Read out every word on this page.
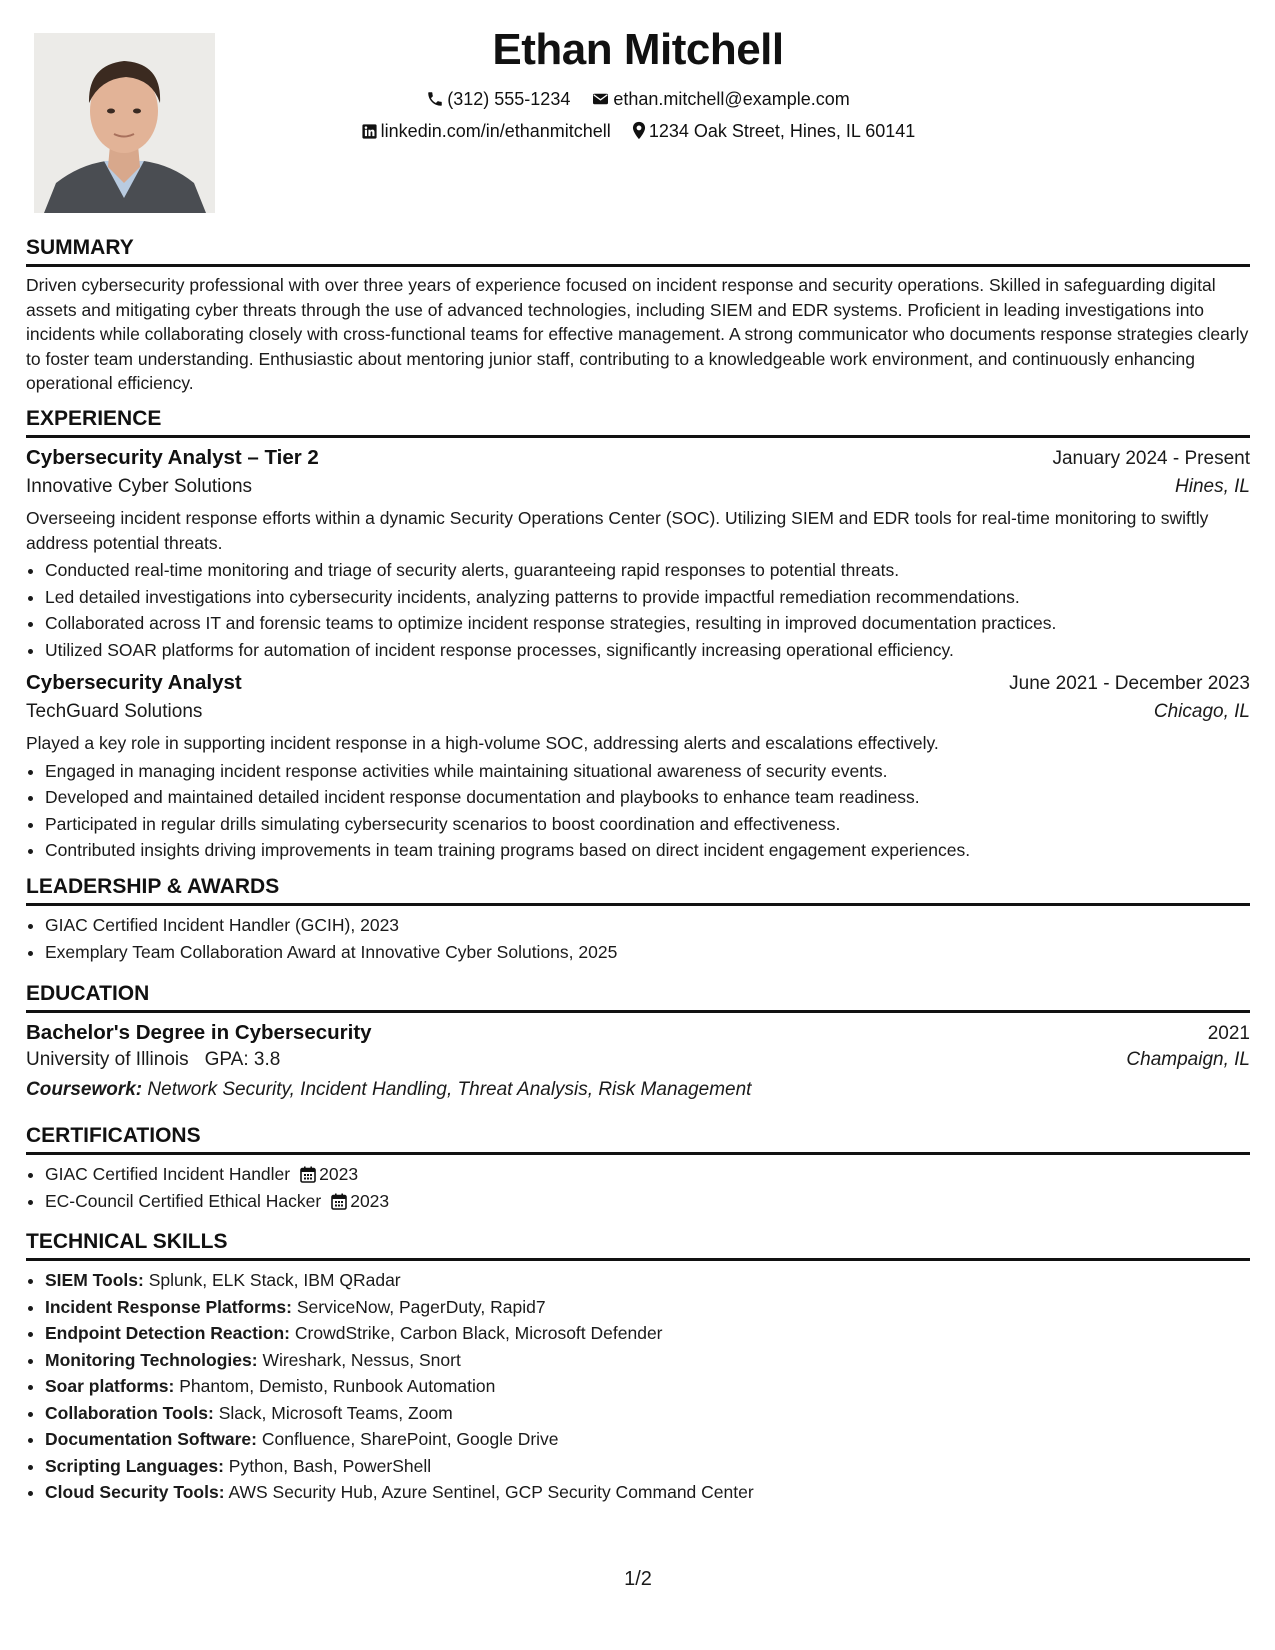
Ethan Mitchell
(312) 555-1234 ethan.mitchell@example.com
linkedin.com/in/ethanmitchell 1234 Oak Street, Hines, IL 60141
SUMMARY

Driven cybersecurity professional with over three years of experience focused on incident response and security operations. Skilled in safeguarding digital assets and mitigating cyber threats through the use of advanced technologies, including SIEM and EDR systems. Proficient in leading investigations into incidents while collaborating closely with cross-functional teams for effective management. A strong communicator who documents response strategies clearly to foster team understanding. Enthusiastic about mentoring junior staff, contributing to a knowledgeable work environment, and continuously enhancing operational efficiency.

EXPERIENCE
Cybersecurity Analyst – Tier 2	January 2024 - Present
Innovative Cyber Solutions	Hines, IL

Overseeing incident response efforts within a dynamic Security Operations Center (SOC). Utilizing SIEM and EDR tools for real-time monitoring to swiftly address potential threats.

• Conducted real-time monitoring and triage of security alerts, guaranteeing rapid responses to potential threats.
• Led detailed investigations into cybersecurity incidents, analyzing patterns to provide impactful remediation recommendations.
• Collaborated across IT and forensic teams to optimize incident response strategies, resulting in improved documentation practices.
• Utilized SOAR platforms for automation of incident response processes, significantly increasing operational efficiency.
Cybersecurity Analyst	June 2021 - December 2023
TechGuard Solutions	Chicago, IL

Played a key role in supporting incident response in a high-volume SOC, addressing alerts and escalations effectively.

• Engaged in managing incident response activities while maintaining situational awareness of security events.
• Developed and maintained detailed incident response documentation and playbooks to enhance team readiness.
• Participated in regular drills simulating cybersecurity scenarios to boost coordination and effectiveness.
• Contributed insights driving improvements in team training programs based on direct incident engagement experiences.
LEADERSHIP & AWARDS
• GIAC Certified Incident Handler (GCIH), 2023
• Exemplary Team Collaboration Award at Innovative Cyber Solutions, 2025
EDUCATION
Bachelor's Degree in Cybersecurity	2021
University of Illinois GPA: 3.8	Champaign, IL
Coursework: Network Security, Incident Handling, Threat Analysis, Risk Management
CERTIFICATIONS
• GIAC Certified Incident Handler 2023
• EC-Council Certified Ethical Hacker 2023
TECHNICAL SKILLS
• SIEM Tools: Splunk, ELK Stack, IBM QRadar
• Incident Response Platforms: ServiceNow, PagerDuty, Rapid7
• Endpoint Detection Reaction: CrowdStrike, Carbon Black, Microsoft Defender
• Monitoring Technologies: Wireshark, Nessus, Snort
• Soar platforms: Phantom, Demisto, Runbook Automation
• Collaboration Tools: Slack, Microsoft Teams, Zoom
• Documentation Software: Confluence, SharePoint, Google Drive
• Scripting Languages: Python, Bash, PowerShell
• Cloud Security Tools: AWS Security Hub, Azure Sentinel, GCP Security Command Center
1/2
